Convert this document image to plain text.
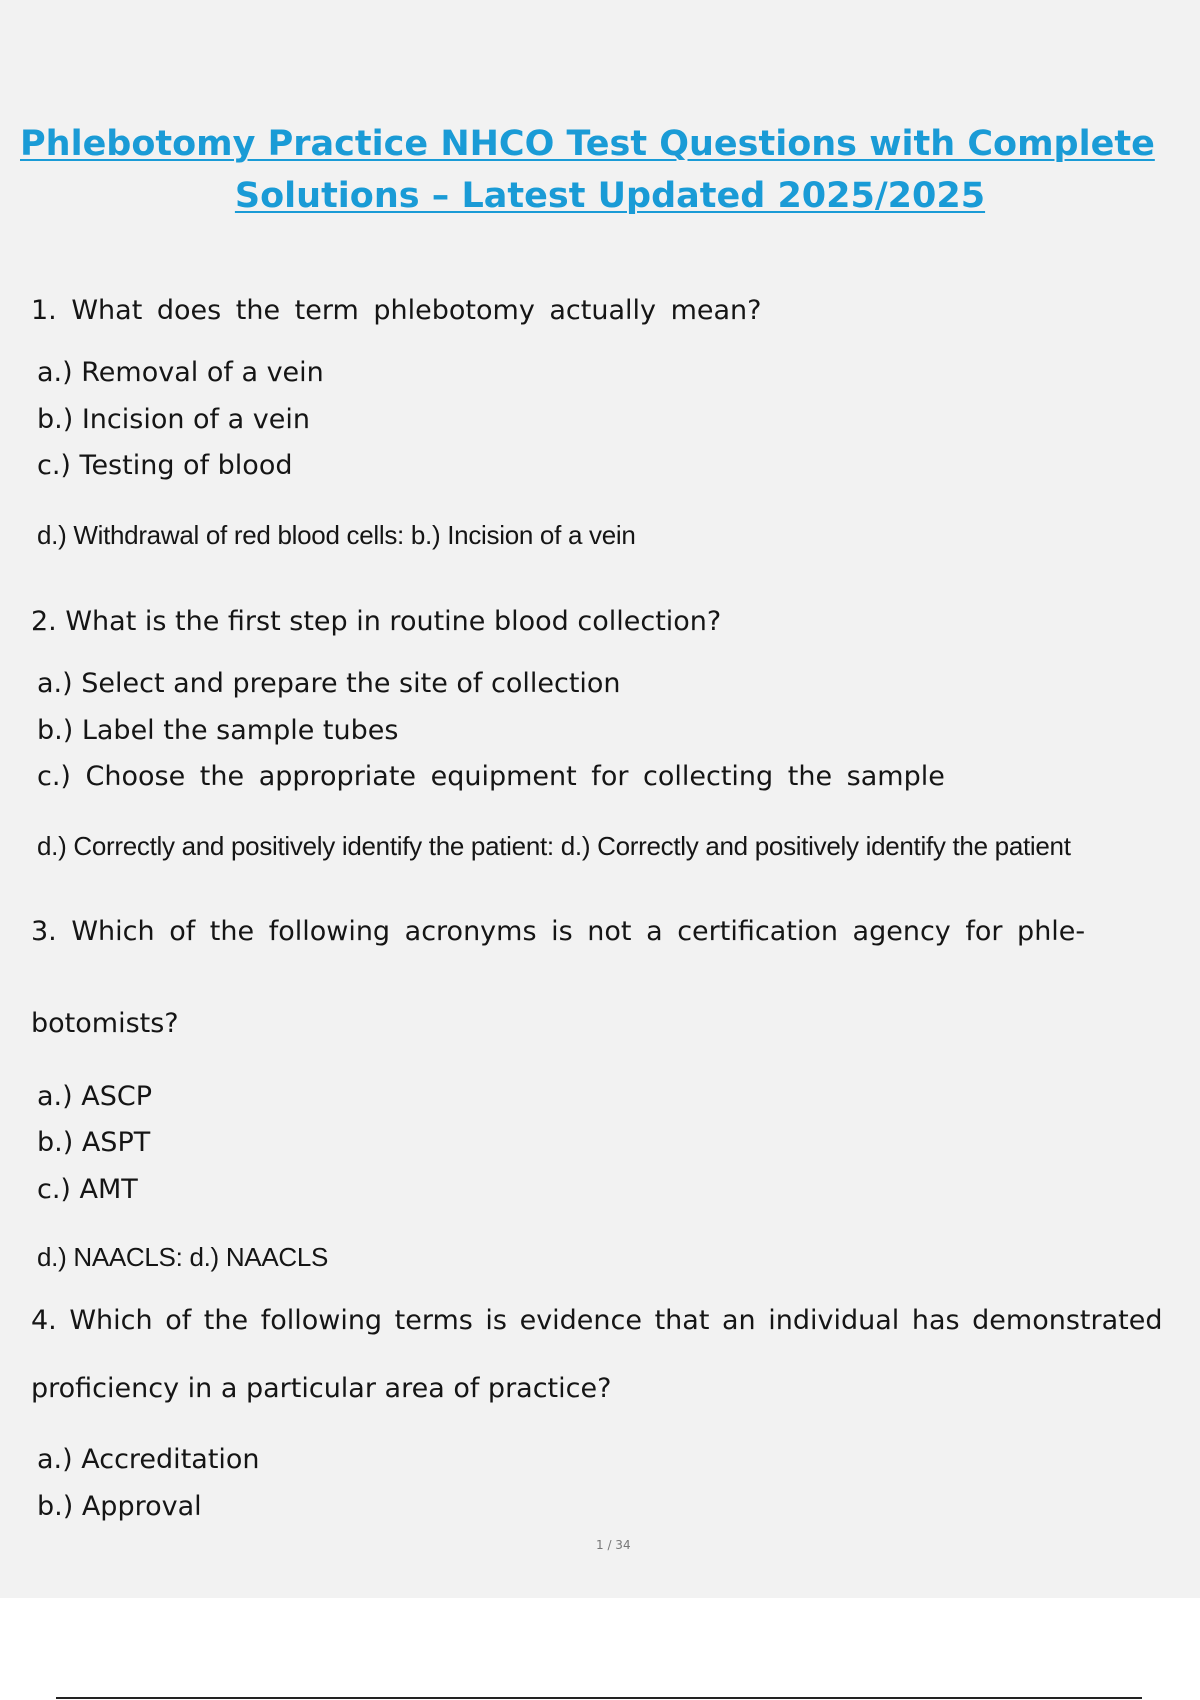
Phlebotomy Practice NHCO Test Questions with Complete
Solutions – Latest Updated 2025/2025
1. What does the term phlebotomy actually mean?
a.) Removal of a vein
b.) Incision of a vein
c.) Testing of blood
d.) Withdrawal of red blood cells: b.) Incision of a vein
2. What is the first step in routine blood collection?
a.) Select and prepare the site of collection
b.) Label the sample tubes
c.) Choose the appropriate equipment for collecting the sample
d.) Correctly and positively identify the patient: d.) Correctly and positively identify the patient
3. Which of the following acronyms is not a certification agency for phle-
botomists?
a.) ASCP
b.) ASPT
c.) AMT
d.) NAACLS: d.) NAACLS
4. Which of the following terms is evidence that an individual has demonstrated
proficiency in a particular area of practice?
a.) Accreditation
b.) Approval
1 / 34
